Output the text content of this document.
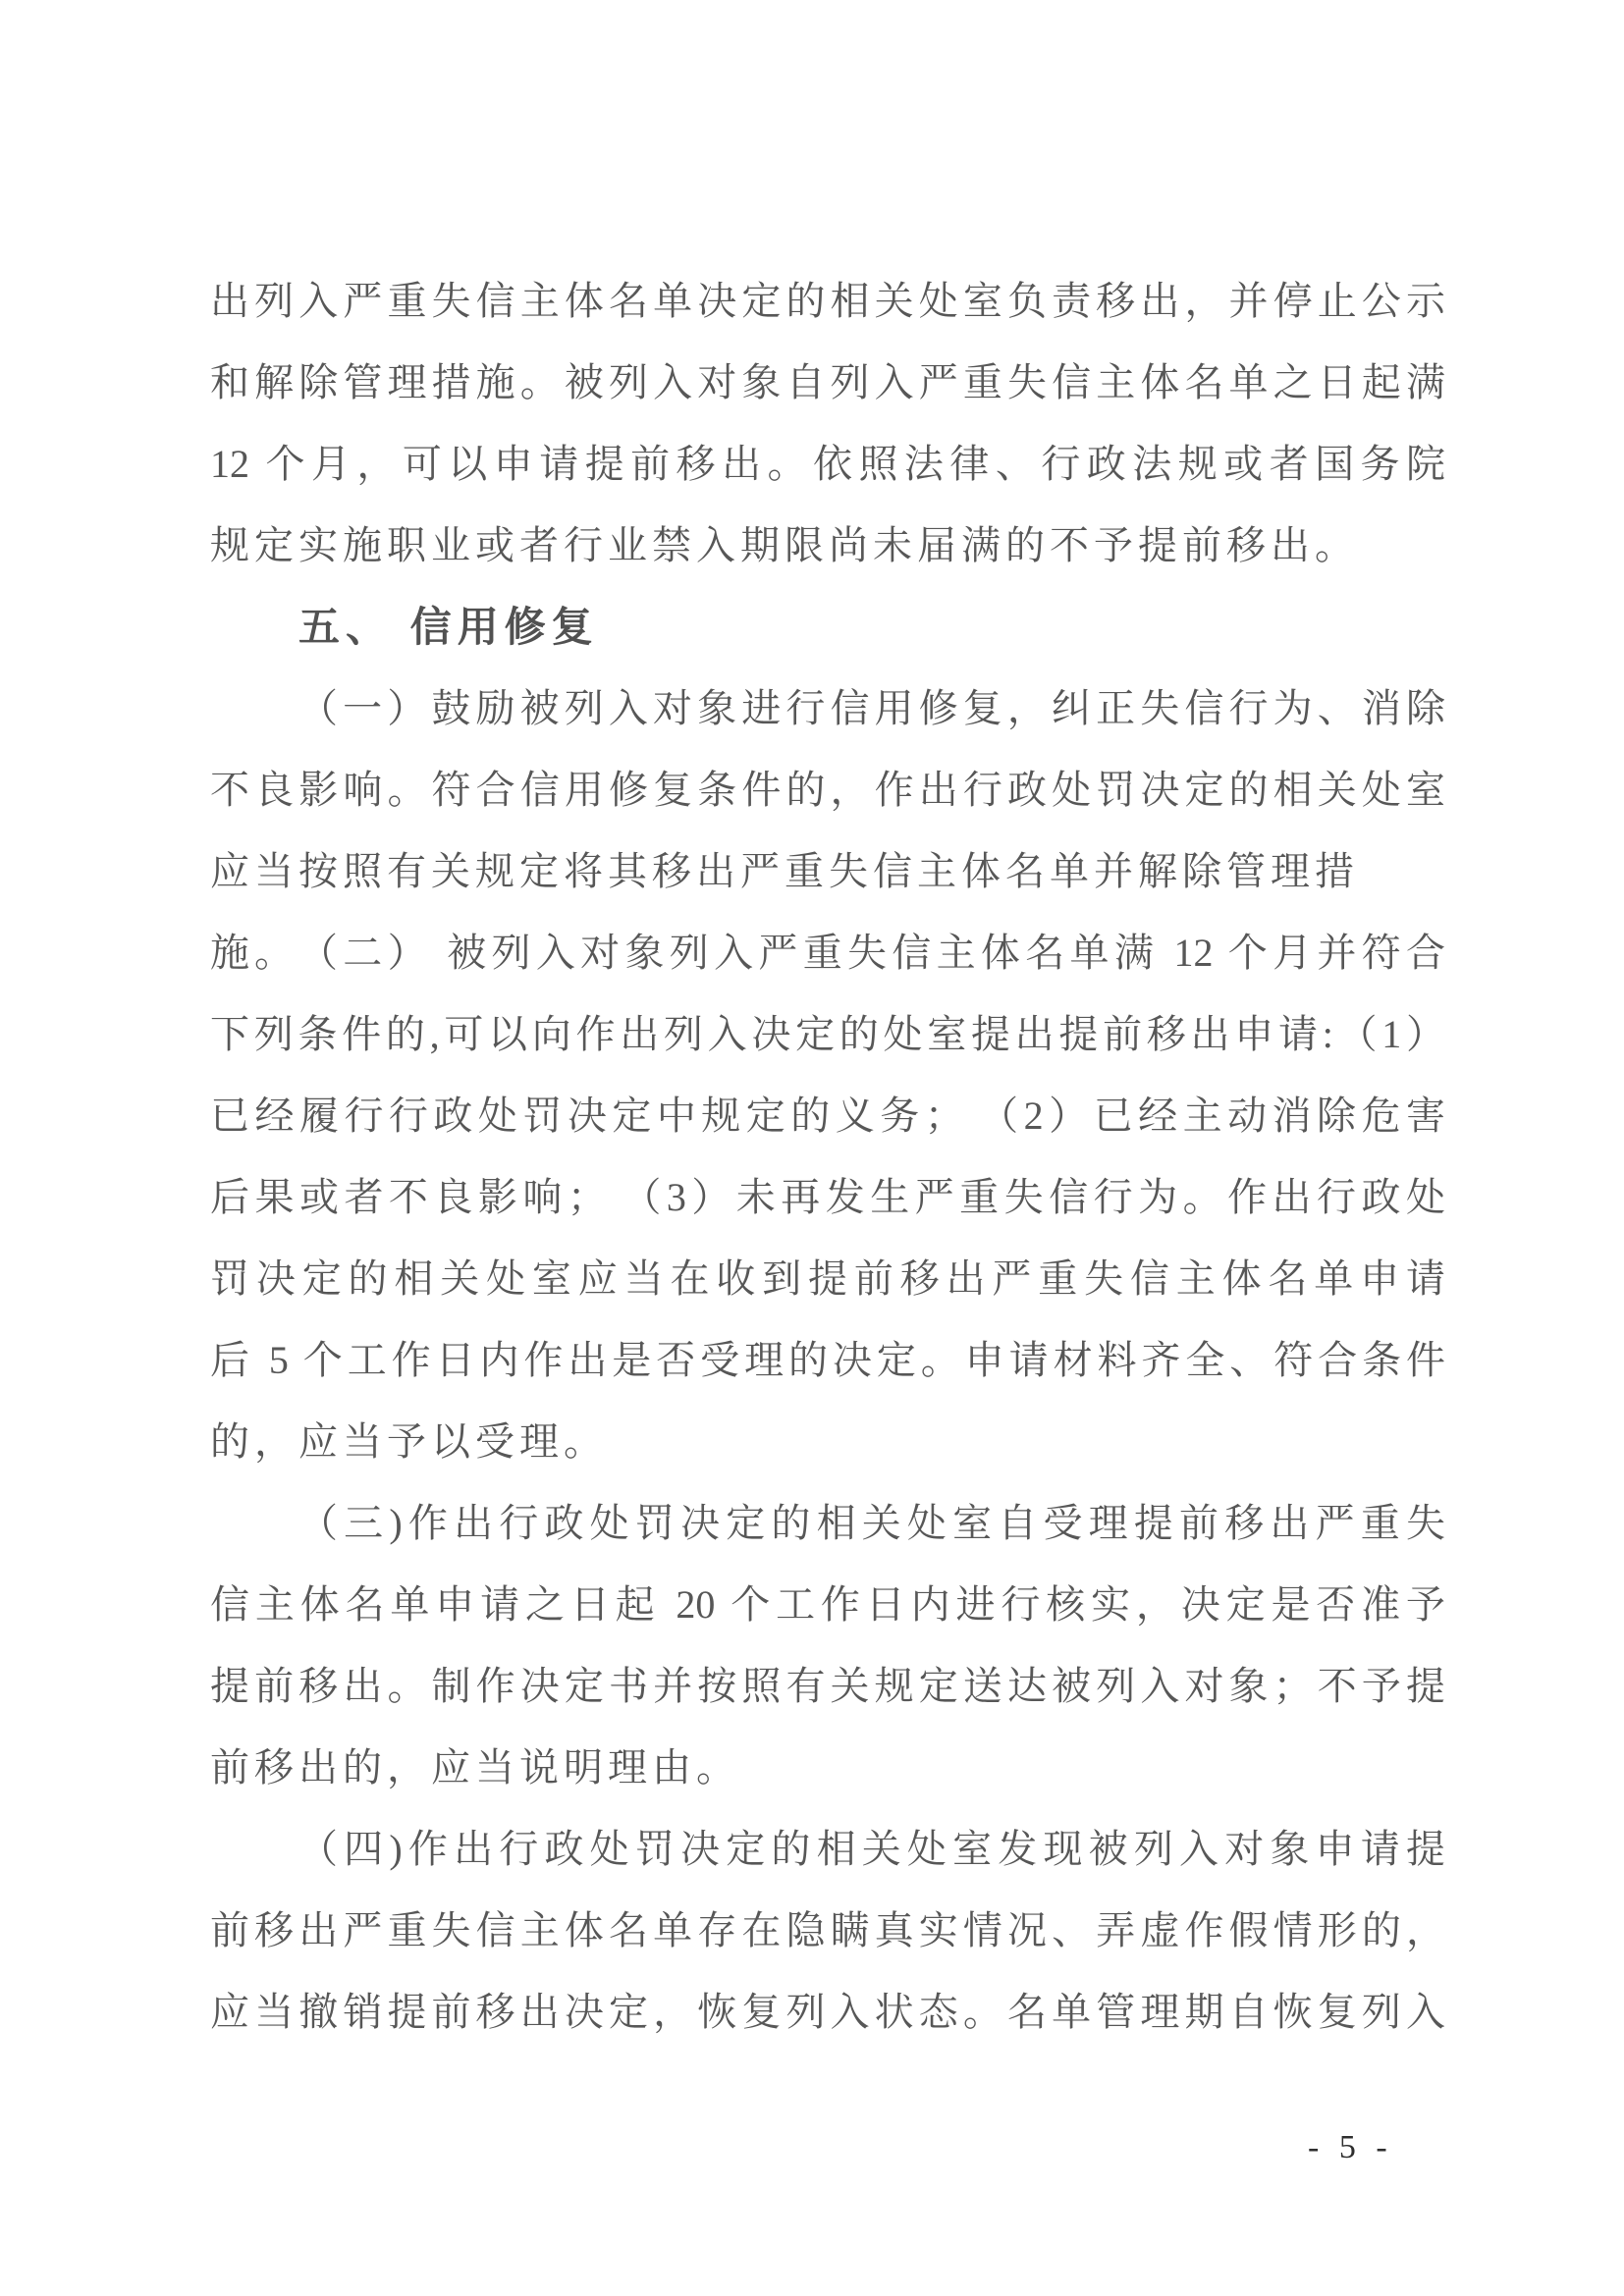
出列入严重失信主体名单决定的相关处室负责移出，并停止公示
和解除管理措施。被列入对象自列入严重失信主体名单之日起满
12 个月，可以申请提前移出。依照法律、行政法规或者国务院
规定实施职业或者行业禁入期限尚未届满的不予提前移出。
五、 信用修复
（一）鼓励被列入对象进行信用修复，纠正失信行为、消除
不良影响。符合信用修复条件的，作出行政处罚决定的相关处室
应当按照有关规定将其移出严重失信主体名单并解除管理措施。 （二） 被列入对象列入严重失信主体名单满 12 个月并符合
下列条件的,可以向作出列入决定的处室提出提前移出申请:（1）
已经履行行政处罚决定中规定的义务； （2）已经主动消除危害
后果或者不良影响； （3）未再发生严重失信行为。作出行政处
罚决定的相关处室应当在收到提前移出严重失信主体名单申请
后 5 个工作日内作出是否受理的决定。申请材料齐全、符合条件
的，应当予以受理。
（三)作出行政处罚决定的相关处室自受理提前移出严重失
信主体名单申请之日起 20 个工作日内进行核实，决定是否准予
提前移出。制作决定书并按照有关规定送达被列入对象；不予提
前移出的，应当说明理由。
（四)作出行政处罚决定的相关处室发现被列入对象申请提
前移出严重失信主体名单存在隐瞒真实情况、弄虚作假情形的，
应当撤销提前移出决定，恢复列入状态。名单管理期自恢复列入
- 5 -
